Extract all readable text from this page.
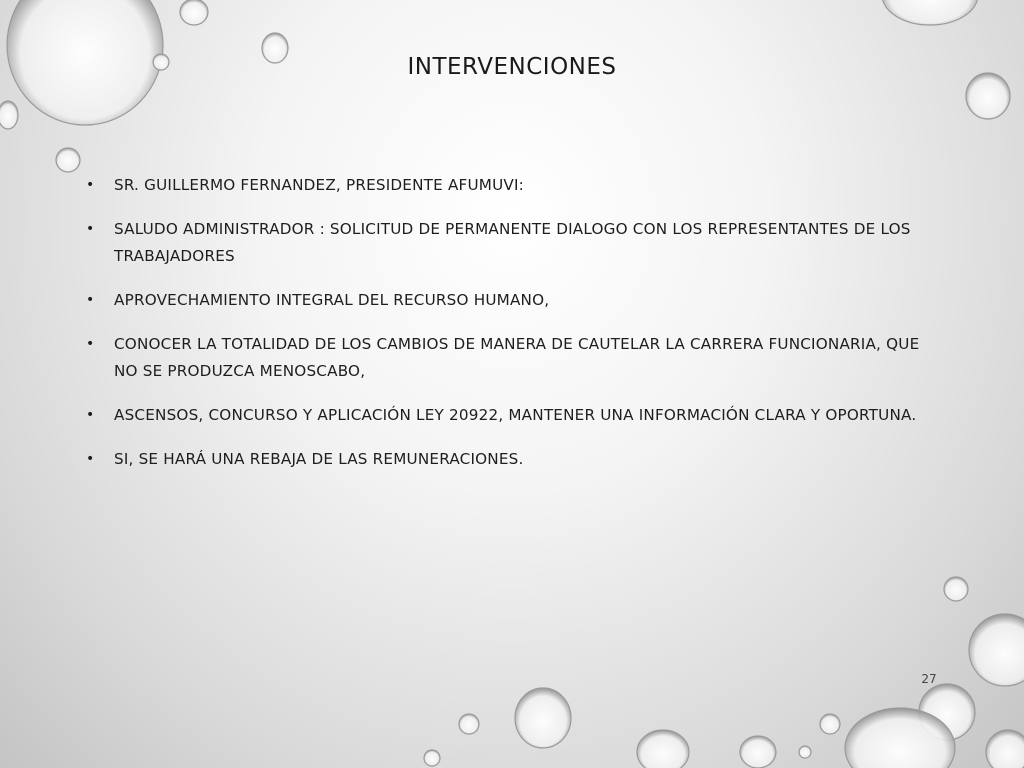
INTERVENCIONES
• SR. GUILLERMO FERNANDEZ, PRESIDENTE AFUMUVI:
• SALUDO ADMINISTRADOR : SOLICITUD DE PERMANENTE DIALOGO CON LOS REPRESENTANTES DE LOS TRABAJADORES
• APROVECHAMIENTO INTEGRAL DEL RECURSO HUMANO,
• CONOCER LA TOTALIDAD DE LOS CAMBIOS DE MANERA DE CAUTELAR LA CARRERA FUNCIONARIA, QUE NO SE PRODUZCA MENOSCABO,
• ASCENSOS, CONCURSO Y APLICACIÓN LEY 20922, MANTENER UNA INFORMACIÓN CLARA Y OPORTUNA.
• SI, SE HARÁ UNA REBAJA DE LAS REMUNERACIONES.
27
